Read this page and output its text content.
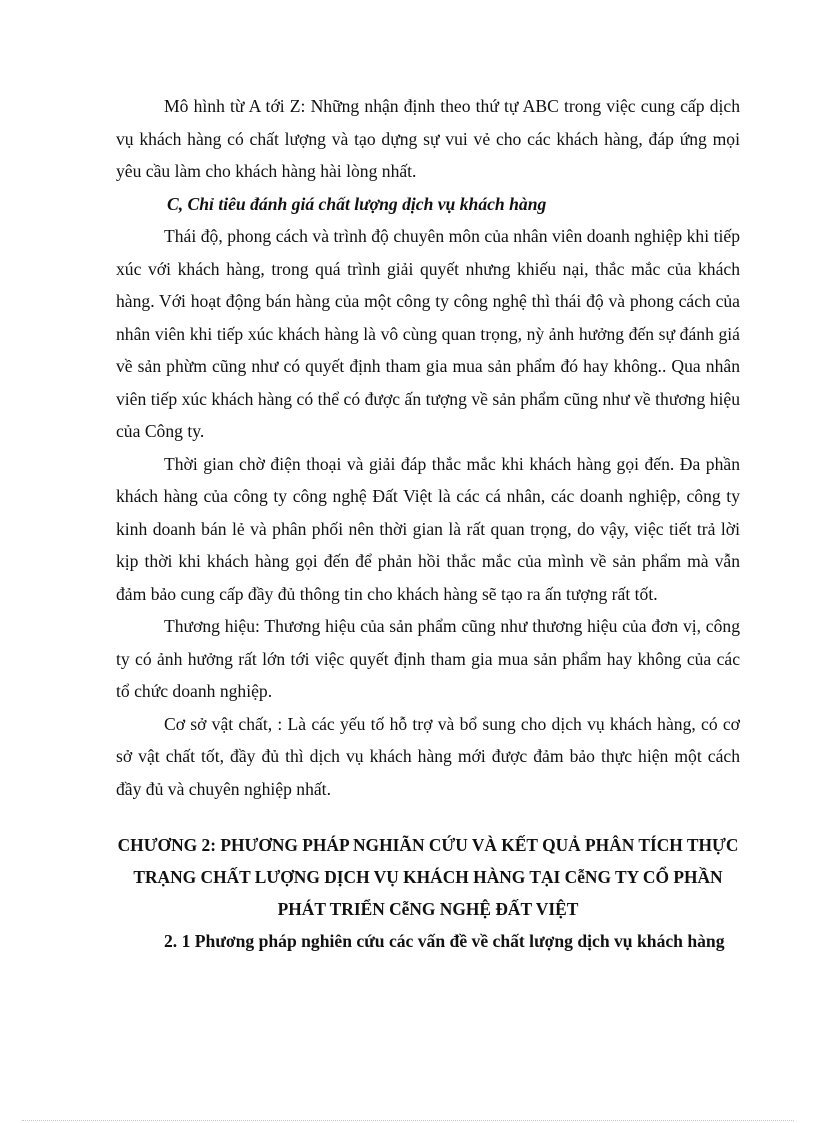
Mô hình từ A tới Z: Những nhận định theo thứ tự ABC trong việc cung cấp dịch vụ khách hàng có chất lượng và tạo dựng sự vui vẻ cho các khách hàng, đáp ứng mọi yêu cầu làm cho khách hàng hài lòng nhất.

C, Chỉ tiêu đánh giá chất lượng dịch vụ khách hàng

Thái độ, phong cách và trình độ chuyên môn của nhân viên doanh nghiệp khi tiếp xúc với khách hàng, trong quá trình giải quyết nhưng khiếu nại, thắc mắc của khách hàng. Với hoạt động bán hàng của một công ty công nghệ thì thái độ và phong cách của nhân viên khi tiếp xúc khách hàng là vô cùng quan trọng, nỳ ảnh hưởng đến sự đánh giá về sản phừm cũng như có quyết định tham gia mua sản phẩm đó hay không.. Qua nhân viên tiếp xúc khách hàng có thể có được ấn tượng về sản phẩm cũng như về thương hiệu của Công ty.

Thời gian chờ điện thoại và giải đáp thắc mắc khi khách hàng gọi đến. Đa phần khách hàng của công ty công nghệ Đất Việt là các cá nhân, các doanh nghiệp, công ty kinh doanh bán lẻ và phân phối nên thời gian là rất quan trọng, do vậy, việc tiết trả lời kịp thời khi khách hàng gọi đến để phản hồi thắc mắc của mình về sản phẩm mà vẫn đảm bảo cung cấp đầy đủ thông tin cho khách hàng sẽ tạo ra ấn tượng rất tốt.

Thương hiệu: Thương hiệu của sản phẩm cũng như thương hiệu của đơn vị, công ty có ảnh hưởng rất lớn tới việc quyết định tham gia mua sản phẩm hay không của các tổ chức doanh nghiệp.

Cơ sở vật chất, : Là các yếu tố hỗ trợ và bổ sung cho dịch vụ khách hàng, có cơ sở vật chất tốt, đầy đủ thì dịch vụ khách hàng mới được đảm bảo thực hiện một cách đầy đủ và chuyên nghiệp nhất.

CHƯƠNG 2: PHƯƠNG PHÁP NGHIÃN CỨU VÀ KẾT QUẢ PHÂN TÍCH THỰC TRẠNG CHẤT LƯỢNG DỊCH VỤ KHÁCH HÀNG TẠI CễNG TY CỔ PHẦN PHÁT TRIỂN CễNG NGHỆ ĐẤT VIỆT

2. 1 Phương pháp nghiên cứu các vấn đề về chất lượng dịch vụ khách hàng
